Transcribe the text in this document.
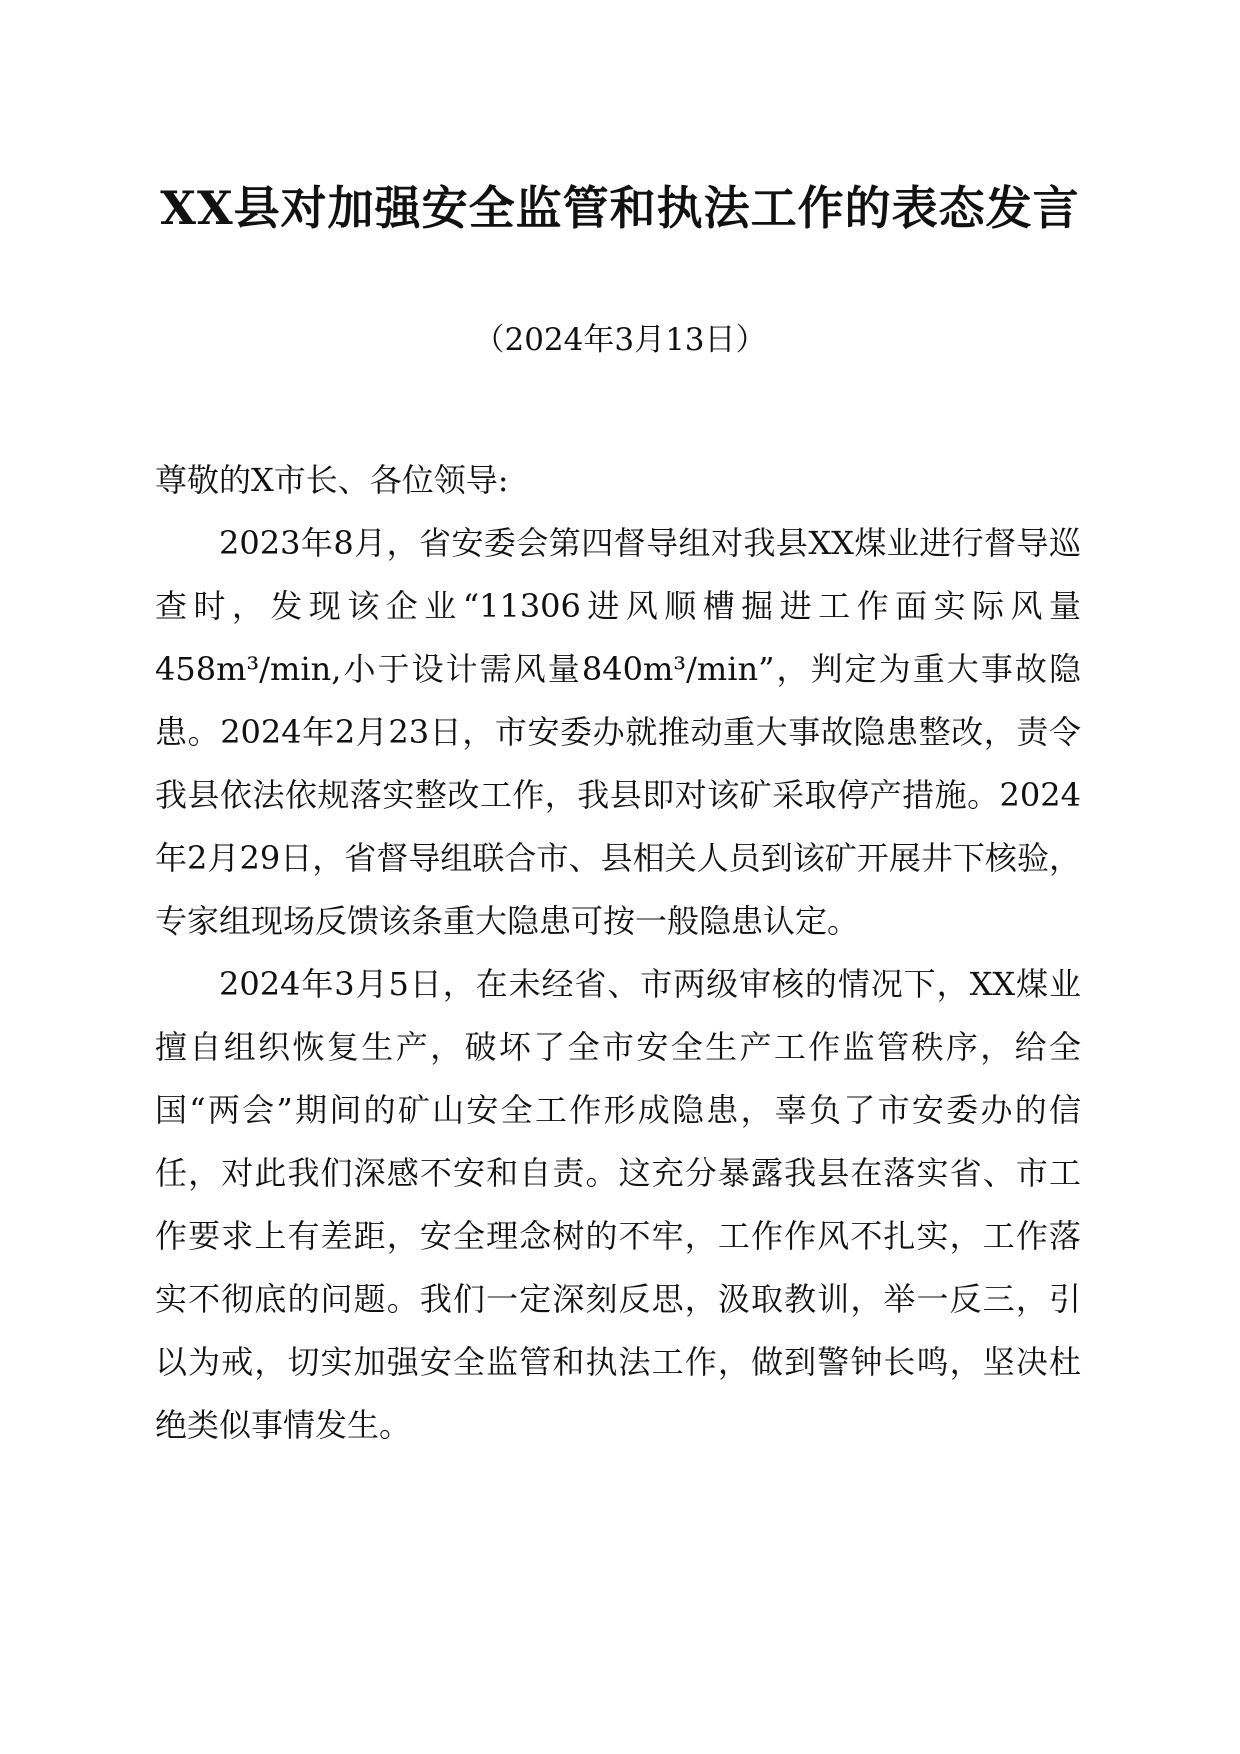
XX县对加强安全监管和执法工作的表态发言

（2024年3月13日）

尊敬的X市长、各位领导:

2023年8月，省安委会第四督导组对我县XX煤业进行督导巡查时，发现该企业“11306进风顺槽掘进工作面实际风量458m³/min,小于设计需风量840m³/min”，判定为重大事故隐患。2024年2月23日，市安委办就推动重大事故隐患整改，责令我县依法依规落实整改工作，我县即对该矿采取停产措施。2024年2月29日，省督导组联合市、县相关人员到该矿开展井下核验，专家组现场反馈该条重大隐患可按一般隐患认定。

2024年3月5日，在未经省、市两级审核的情况下，XX煤业擅自组织恢复生产，破坏了全市安全生产工作监管秩序，给全国“两会”期间的矿山安全工作形成隐患，辜负了市安委办的信任，对此我们深感不安和自责。这充分暴露我县在落实省、市工作要求上有差距，安全理念树的不牢，工作作风不扎实，工作落实不彻底的问题。我们一定深刻反思，汲取教训，举一反三，引以为戒，切实加强安全监管和执法工作，做到警钟长鸣，坚决杜绝类似事情发生。
